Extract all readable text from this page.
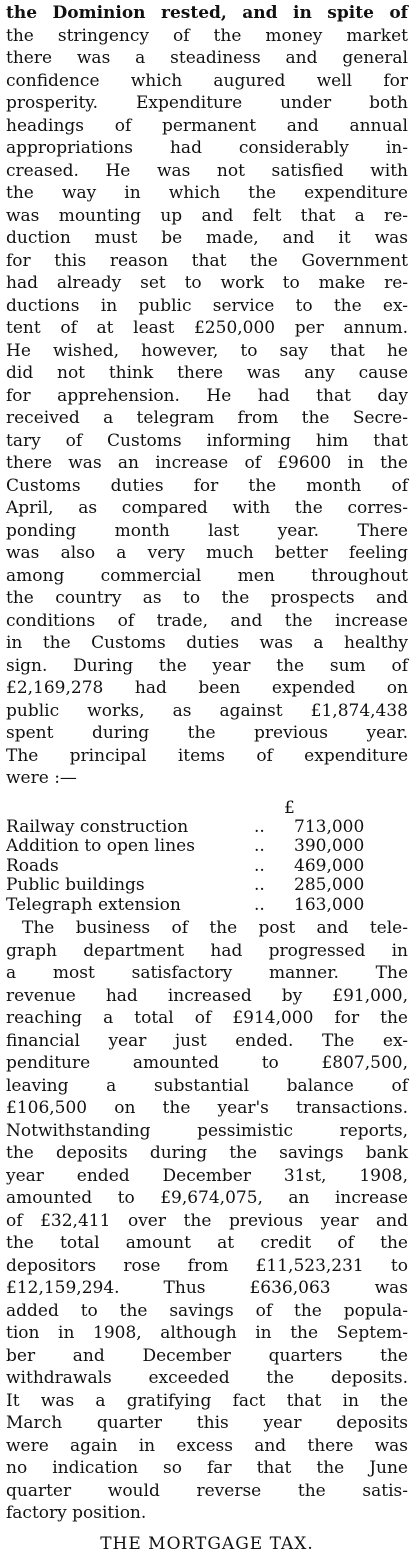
the Dominion rested, and in spite of
the stringency of the money market
there was a steadiness and general
confidence which augured well for
prosperity. Expenditure under both
headings of permanent and annual
appropriations had considerably in-
creased. He was not satisfied with
the way in which the expenditure
was mounting up and felt that a re-
duction must be made, and it was
for this reason that the Government
had already set to work to make re-
ductions in public service to the ex-
tent of at least £250,000 per annum.
He wished, however, to say that he
did not think there was any cause
for apprehension. He had that day
received a telegram from the Secre-
tary of Customs informing him that
there was an increase of £9600 in the
Customs duties for the month of
April, as compared with the corres-
ponding month last year. There
was also a very much better feeling
among commercial men throughout
the country as to the prospects and
conditions of trade, and the increase
in the Customs duties was a healthy
sign. During the year the sum of
£2,169,278 had been expended on
public works, as against £1,874,438
spent during the previous year.
The principal items of expenditure
were :—
£
Railway construction	..	713,000
Addition to open lines	..	390,000
Roads	..	469,000
Public buildings	..	285,000
Telegraph extension	..	163,000
The business of the post and tele-
graph department had progressed in
a most satisfactory manner. The
revenue had increased by £91,000,
reaching a total of £914,000 for the
financial year just ended. The ex-
penditure amounted to £807,500,
leaving a substantial balance of
£106,500 on the year's transactions.
Notwithstanding pessimistic reports,
the deposits during the savings bank
year ended December 31st, 1908,
amounted to £9,674,075, an increase
of £32,411 over the previous year and
the total amount at credit of the
depositors rose from £11,523,231 to
£12,159,294. Thus £636,063 was
added to the savings of the popula-
tion in 1908, although in the Septem-
ber and December quarters the
withdrawals exceeded the deposits.
It was a gratifying fact that in the
March quarter this year deposits
were again in excess and there was
no indication so far that the June
quarter would reverse the satis-
factory position.
THE MORTGAGE TAX.
